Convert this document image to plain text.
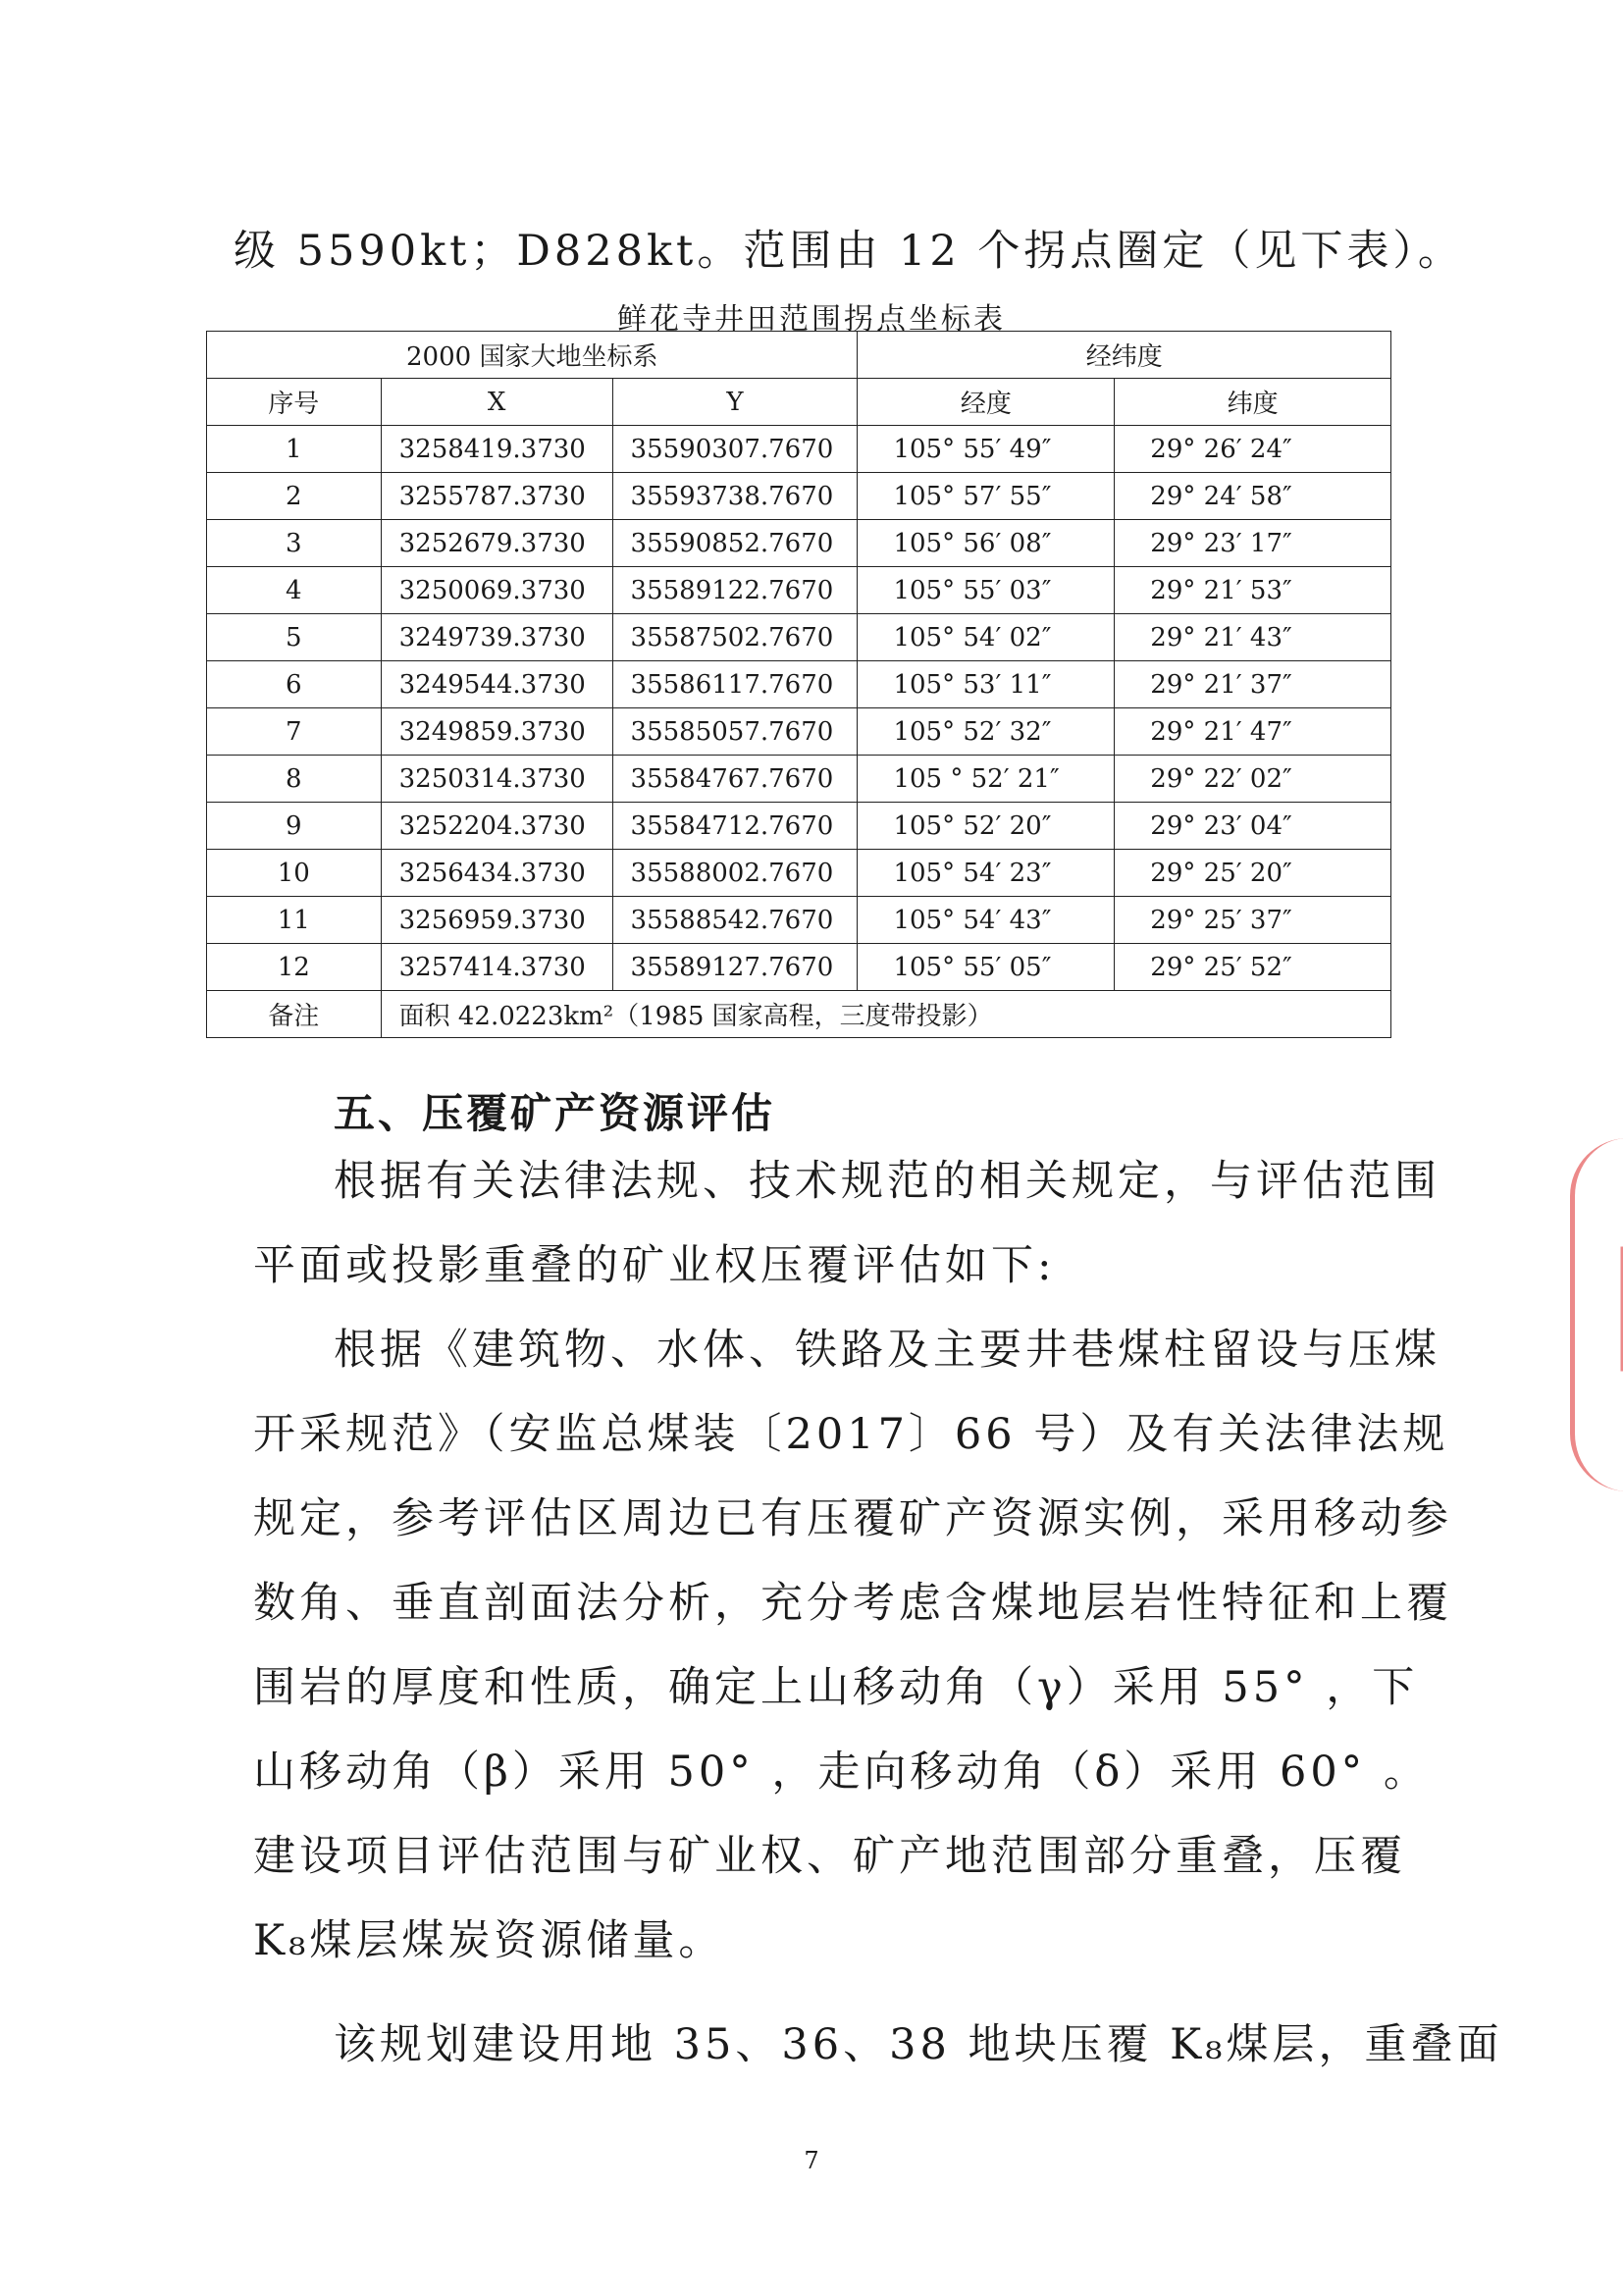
级 5590kt；D828kt。范围由 12 个拐点圈定（见下表）。
鲜花寺井田范围拐点坐标表
2000 国家大地坐标系			经纬度	
序号	X	Y	经度	纬度
1	3258419.3730	35590307.7670	105° 55′ 49″	29° 26′ 24″
2	3255787.3730	35593738.7670	105° 57′ 55″	29° 24′ 58″
3	3252679.3730	35590852.7670	105° 56′ 08″	29° 23′ 17″
4	3250069.3730	35589122.7670	105° 55′ 03″	29° 21′ 53″
5	3249739.3730	35587502.7670	105° 54′ 02″	29° 21′ 43″
6	3249544.3730	35586117.7670	105° 53′ 11″	29° 21′ 37″
7	3249859.3730	35585057.7670	105° 52′ 32″	29° 21′ 47″
8	3250314.3730	35584767.7670	105 ° 52′ 21″	29° 22′ 02″
9	3252204.3730	35584712.7670	105° 52′ 20″	29° 23′ 04″
10	3256434.3730	35588002.7670	105° 54′ 23″	29° 25′ 20″
11	3256959.3730	35588542.7670	105° 54′ 43″	29° 25′ 37″
12	3257414.3730	35589127.7670	105° 55′ 05″	29° 25′ 52″
备注	面积 42.0223km²（1985 国家高程，三度带投影）			
五、压覆矿产资源评估
根据有关法律法规、技术规范的相关规定，与评估范围
平面或投影重叠的矿业权压覆评估如下:
根据《建筑物、水体、铁路及主要井巷煤柱留设与压煤
开采规范》（安监总煤装〔2017〕66 号）及有关法律法规
规定，参考评估区周边已有压覆矿产资源实例，采用移动参
数角、垂直剖面法分析，充分考虑含煤地层岩性特征和上覆
围岩的厚度和性质，确定上山移动角（γ）采用 55° ，下
山移动角（β）采用 50° ，走向移动角（δ）采用 60° 。
建设项目评估范围与矿业权、矿产地范围部分重叠，压覆
K₈煤层煤炭资源储量。
该规划建设用地 35、36、38 地块压覆 K₈煤层，重叠面
7
